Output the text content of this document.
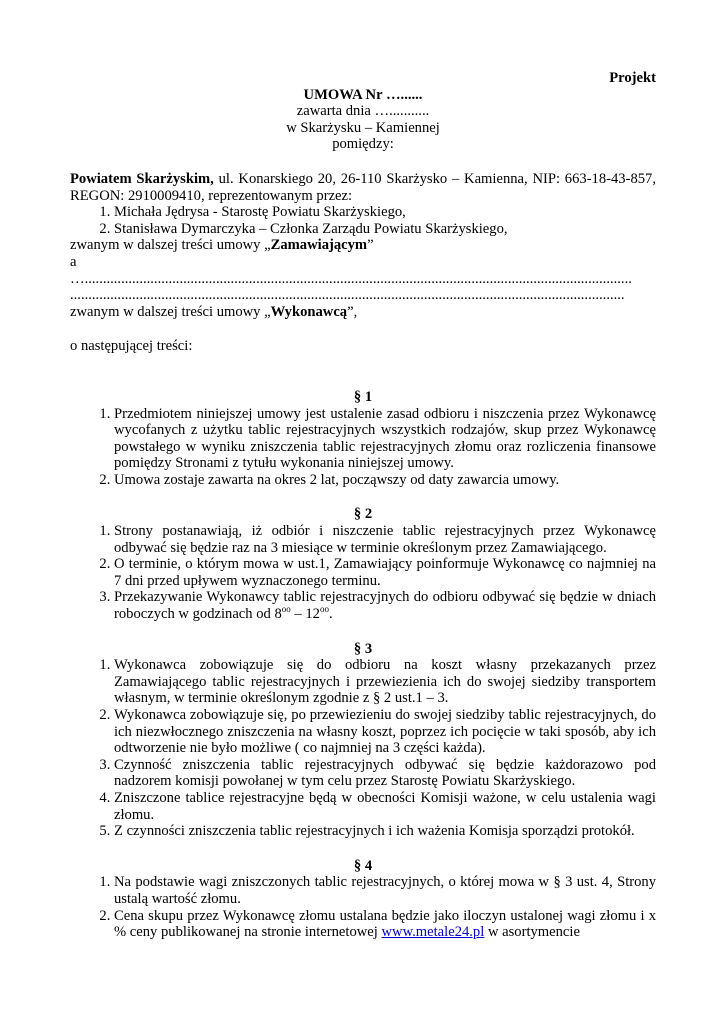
Projekt

UMOWA Nr …......

zawarta dnia …...........

w Skarżysku – Kamiennej

pomiędzy:

Powiatem Skarżyskim, ul. Konarskiego 20, 26-110 Skarżysko – Kamienna, NIP: 663-18-43-857, REGON: 2910009410, reprezentowanym przez:

1. Michała Jędrysa - Starostę Powiatu Skarżyskiego,
2. Stanisława Dymarczyka – Członka Zarządu Powiatu Skarżyskiego,

zwanym w dalszej treści umowy „Zamawiającym”

a

…......................................................................................................................................................

........................................................................................................................................................

zwanym w dalszej treści umowy „Wykonawcą”,

o następującej treści:

§ 1

1. Przedmiotem niniejszej umowy jest ustalenie zasad odbioru i niszczenia przez Wykonawcę wycofanych z użytku tablic rejestracyjnych wszystkich rodzajów, skup przez Wykonawcę powstałego w wyniku zniszczenia tablic rejestracyjnych złomu oraz rozliczenia finansowe pomiędzy Stronami z tytułu wykonania niniejszej umowy.
2. Umowa zostaje zawarta na okres 2 lat, począwszy od daty zawarcia umowy.

§ 2

1. Strony postanawiają, iż odbiór i niszczenie tablic rejestracyjnych przez Wykonawcę odbywać się będzie raz na 3 miesiące w terminie określonym przez Zamawiającego.
2. O terminie, o którym mowa w ust.1, Zamawiający poinformuje Wykonawcę co najmniej na 7 dni przed upływem wyznaczonego terminu.
3. Przekazywanie Wykonawcy tablic rejestracyjnych do odbioru odbywać się będzie w dniach roboczych w godzinach od $8^{oo} - 12^{oo}$.

§ 3

1. Wykonawca zobowiązuje się do odbioru na koszt własny przekazanych przez Zamawiającego tablic rejestracyjnych i przewiezienia ich do swojej siedziby transportem własnym, w terminie określonym zgodnie z § 2 ust.1 – 3.
2. Wykonawca zobowiązuje się, po przewiezieniu do swojej siedziby tablic rejestracyjnych, do ich niezwłocznego zniszczenia na własny koszt, poprzez ich pocięcie w taki sposób, aby ich odtworzenie nie było możliwe ( co najmniej na 3 części każda).
3. Czynność zniszczenia tablic rejestracyjnych odbywać się będzie każdorazowo pod nadzorem komisji powołanej w tym celu przez Starostę Powiatu Skarżyskiego.
4. Zniszczone tablice rejestracyjne będą w obecności Komisji ważone, w celu ustalenia wagi złomu.
5. Z czynności zniszczenia tablic rejestracyjnych i ich ważenia Komisja sporządzi protokół.

§ 4

1. Na podstawie wagi zniszczonych tablic rejestracyjnych, o której mowa w § 3 ust. 4, Strony ustalą wartość złomu.
2. Cena skupu przez Wykonawcę złomu ustalana będzie jako iloczyn ustalonej wagi złomu i x % ceny publikowanej na stronie internetowej www.metale24.pl w asortymencie
